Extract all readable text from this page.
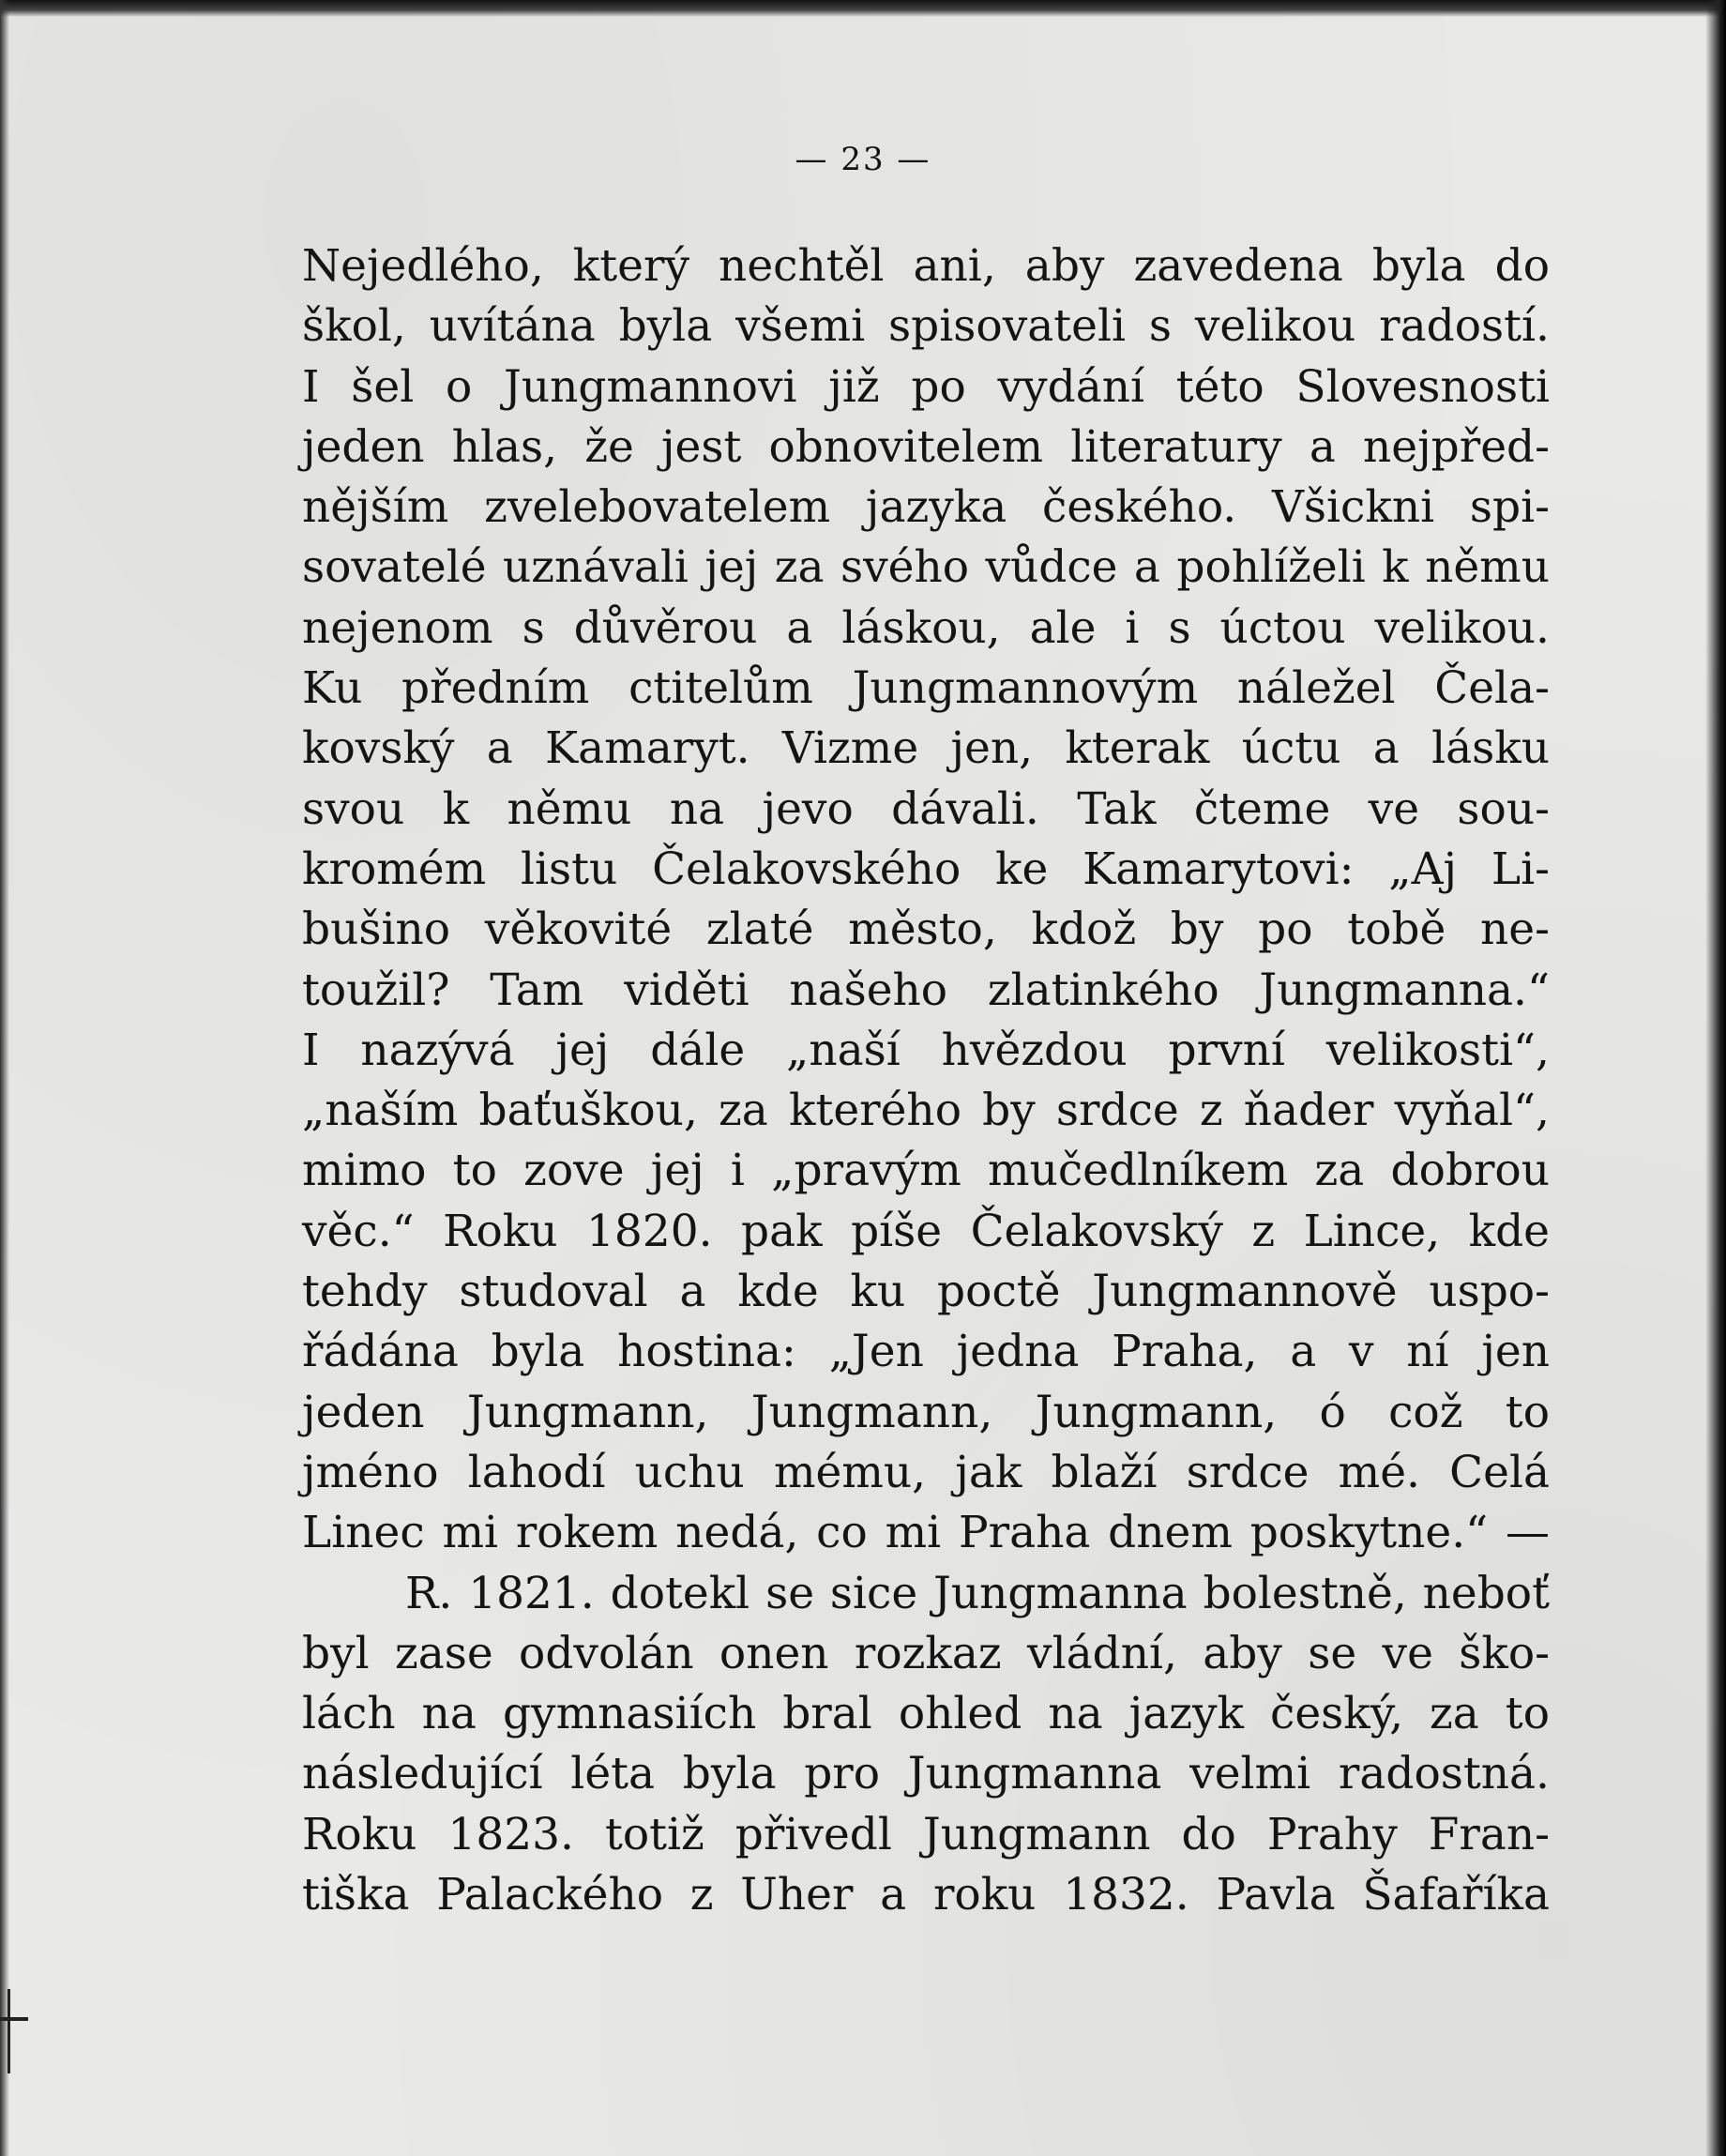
— 23 —
Nejedlého, který nechtěl ani, aby zavedena byla do
škol, uvítána byla všemi spisovateli s velikou radostí.
I šel o Jungmannovi již po vydání této Slovesnosti
jeden hlas, že jest obnovitelem literatury a nejpřed-
nějším zvelebovatelem jazyka českého. Všickni spi-
sovatelé uznávali jej za svého vůdce a pohlíželi k němu
nejenom s důvěrou a láskou, ale i s úctou velikou.
Ku předním ctitelům Jungmannovým náležel Čela-
kovský a Kamaryt. Vizme jen, kterak úctu a lásku
svou k němu na jevo dávali. Tak čteme ve sou-
kromém listu Čelakovského ke Kamarytovi: „Aj Li-
bušino věkovité zlaté město, kdož by po tobě ne-
toužil? Tam viděti našeho zlatinkého Jungmanna.“
I nazývá jej dále „naší hvězdou první velikosti“,
„naším baťuškou, za kterého by srdce z ňader vyňal“,
mimo to zove jej i „pravým mučedlníkem za dobrou
věc.“ Roku 1820. pak píše Čelakovský z Lince, kde
tehdy studoval a kde ku poctě Jungmannově uspo-
řádána byla hostina: „Jen jedna Praha, a v ní jen
jeden Jungmann, Jungmann, Jungmann, ó což to
jméno lahodí uchu mému, jak blaží srdce mé. Celá
Linec mi rokem nedá, co mi Praha dnem poskytne.“ —
R. 1821. dotekl se sice Jungmanna bolestně, neboť
byl zase odvolán onen rozkaz vládní, aby se ve ško-
lách na gymnasiích bral ohled na jazyk český, za to
následující léta byla pro Jungmanna velmi radostná.
Roku 1823. totiž přivedl Jungmann do Prahy Fran-
tiška Palackého z Uher a roku 1832. Pavla Šafaříka
